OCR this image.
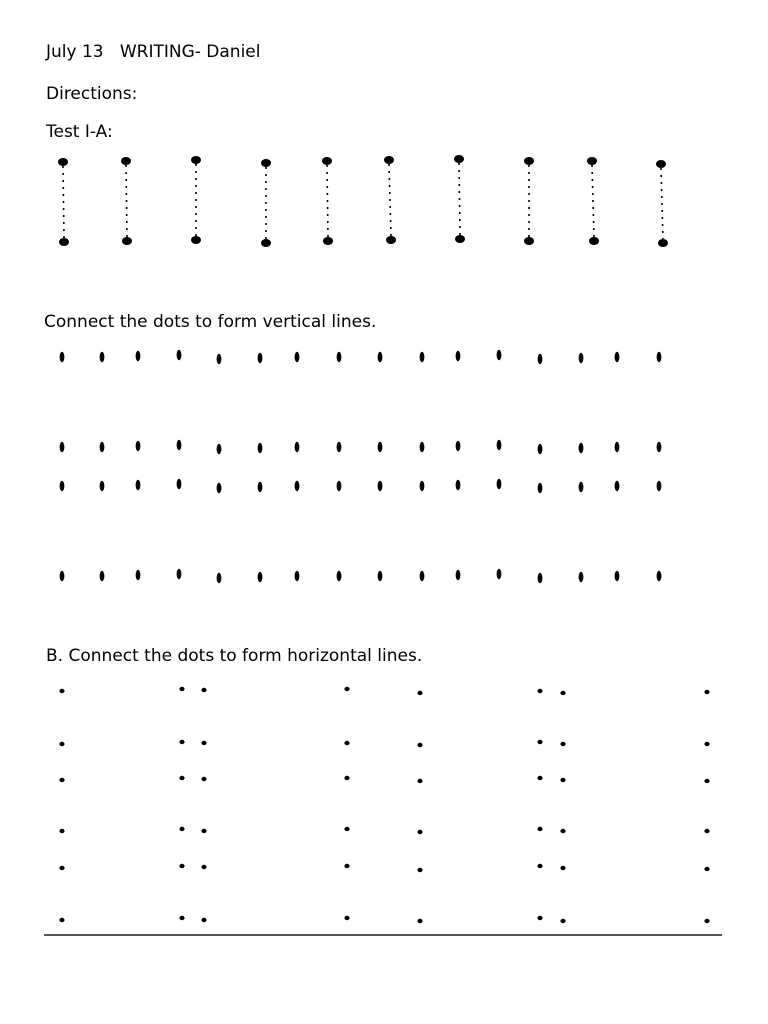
July 13 WRITING- Daniel

Directions:

Test I-A:

Connect the dots to form vertical lines.

B. Connect the dots to form horizontal lines.
